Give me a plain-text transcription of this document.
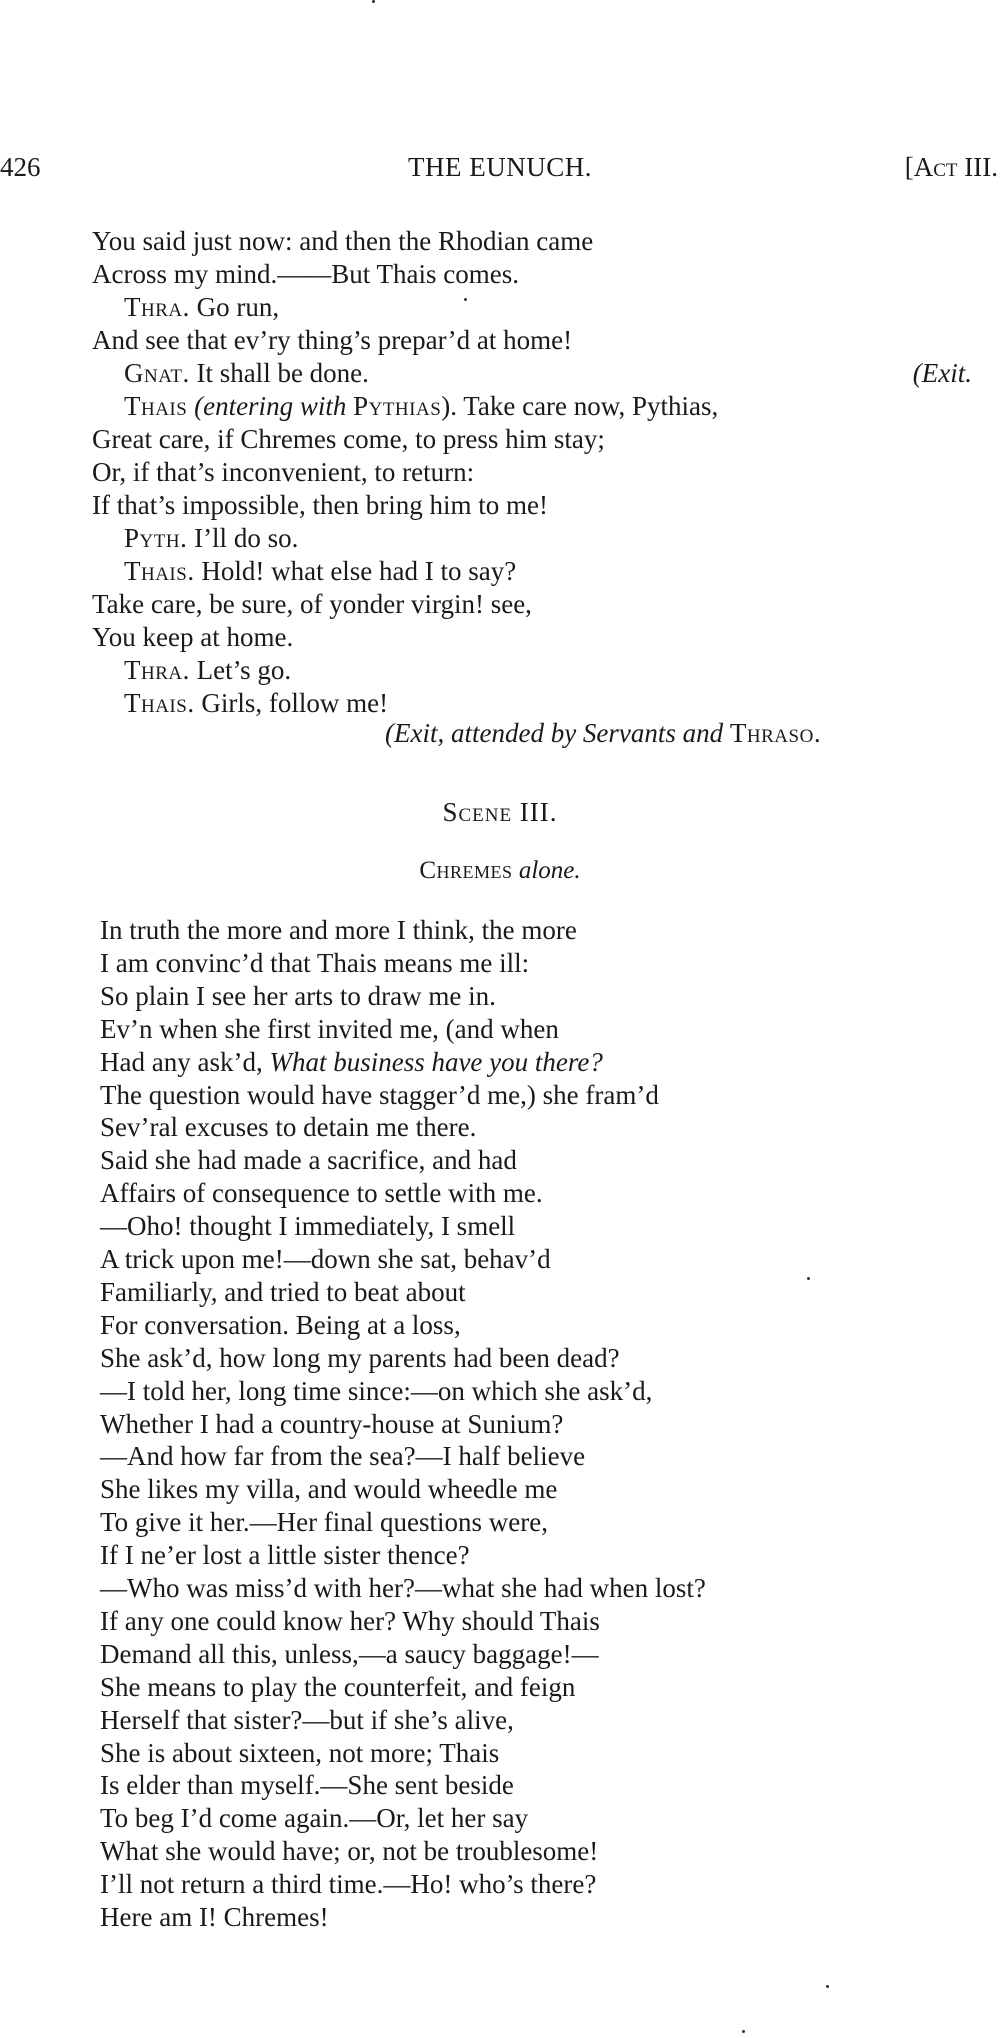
426	THE EUNUCH.	[Act III.
You said just now: and then the Rhodian came
Across my mind.——But Thais comes.
Thra. Go run,
And see that ev’ry thing’s prepar’d at home!
Gnat. It shall be done.	(Exit.
Thais (entering with Pythias). Take care now, Pythias,
Great care, if Chremes come, to press him stay;
Or, if that’s inconvenient, to return:
If that’s impossible, then bring him to me!
Pyth. I’ll do so.
Thais. Hold! what else had I to say?
Take care, be sure, of yonder virgin! see,
You keep at home.
Thra. Let’s go.
Thais. Girls, follow me!
(Exit, attended by Servants and Thraso.
Scene III.
Chremes alone.
In truth the more and more I think, the more
I am convinc’d that Thais means me ill:
So plain I see her arts to draw me in.
Ev’n when she first invited me, (and when
Had any ask’d, What business have you there?
The question would have stagger’d me,) she fram’d
Sev’ral excuses to detain me there.
Said she had made a sacrifice, and had
Affairs of consequence to settle with me.
—Oho! thought I immediately, I smell
A trick upon me!—down she sat, behav’d
Familiarly, and tried to beat about
For conversation. Being at a loss,
She ask’d, how long my parents had been dead?
—I told her, long time since:—on which she ask’d,
Whether I had a country-house at Sunium?
—And how far from the sea?—I half believe
She likes my villa, and would wheedle me
To give it her.—Her final questions were,
If I ne’er lost a little sister thence?
—Who was miss’d with her?—what she had when lost?
If any one could know her? Why should Thais
Demand all this, unless,—a saucy baggage!—
She means to play the counterfeit, and feign
Herself that sister?—but if she’s alive,
She is about sixteen, not more; Thais
Is elder than myself.—She sent beside
To beg I’d come again.—Or, let her say
What she would have; or, not be troublesome!
I’ll not return a third time.—Ho! who’s there?
Here am I! Chremes!
